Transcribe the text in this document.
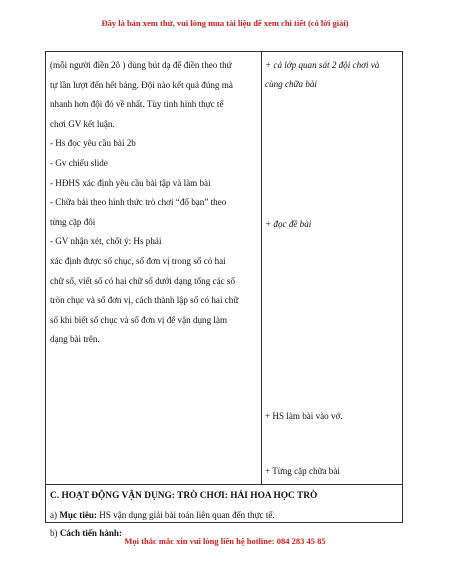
Đây là bản xem thử, vui lòng mua tài liệu để xem chi tiết (có lời giải)

(mỗi người điền 2ô ) dùng bút dạ để điền theo thứ

tự lần lượt đến hết bảng. Đội nào kết quả đúng mà

nhanh hơn đội đó về nhất. Tùy tình hình thực tế

chơi GV kết luận.

- Hs đọc yêu cầu bài 2b

- Gv chiếu slide

- HĐHS xác định yêu cầu bài tập và làm bài

- Chữa bài theo hình thức trò chơi “đố bạn” theo

từng cặp đôi

- GV nhận xét, chốt ý: Hs phải

xác định được số chục, số đơn vị trong số có hai

chữ số, viết số có hai chữ số dưới dạng tổng các số

tròn chục và số đơn vị, cách thành lập số có hai chữ

số khi biết số chục và số đơn vị để vận dụng làm

dạng bài trên.

+ cả lớp quan sát 2 đội chơi và

cùng chữa bài

+ đọc đề bài

+ HS làm bài vào vở.

+ Từng cặp chữa bài

C. HOẠT ĐỘNG VẬN DỤNG: TRÒ CHƠI: HÁI HOA HỌC TRÒ

a) Mục tiêu: HS vận dụng giải bài toán liên quan đến thực tế.

b) Cách tiến hành:

Mọi thắc mắc xin vui lòng liên hệ hotline: 084 283 45 85
